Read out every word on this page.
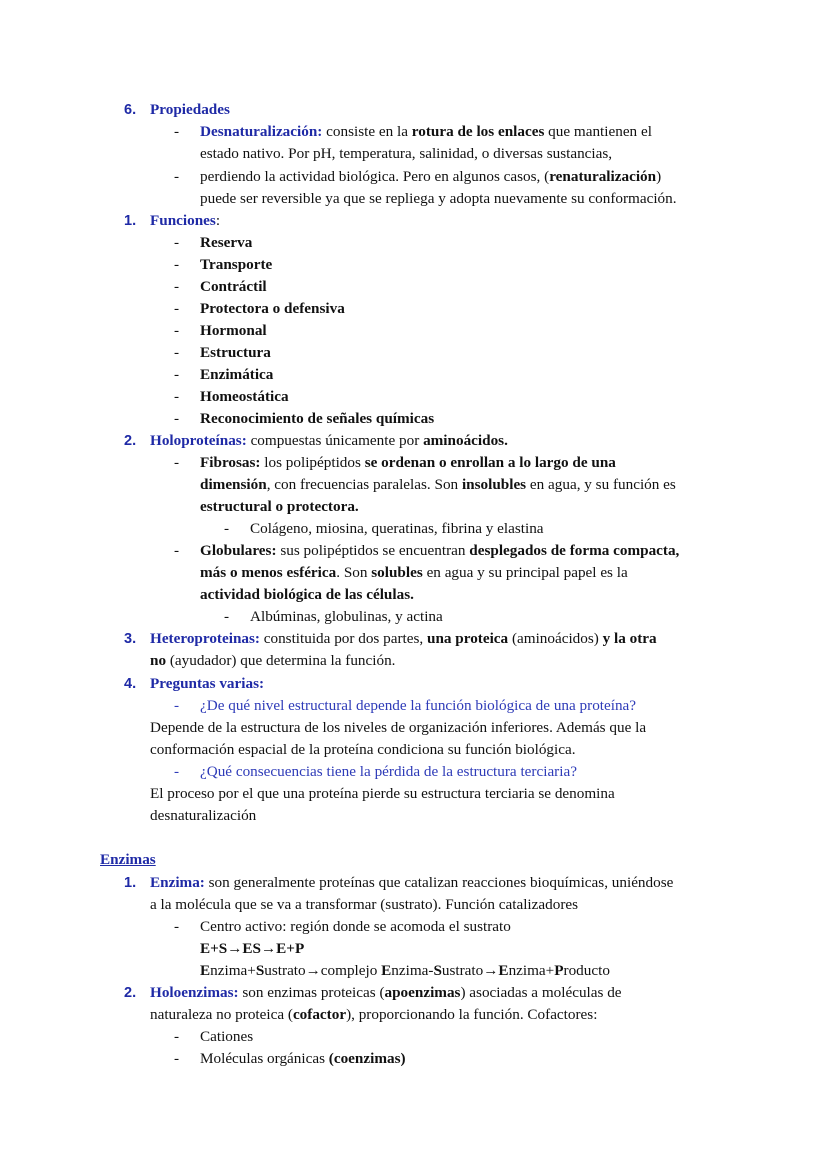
6. Propiedades
- Desnaturalización: consiste en la rotura de los enlaces que mantienen el
estado nativo. Por pH, temperatura, salinidad, o diversas sustancias,
- perdiendo la actividad biológica. Pero en algunos casos, (renaturalización)
puede ser reversible ya que se repliega y adopta nuevamente su conformación.
1. Funciones:
- Reserva
- Transporte
- Contráctil
- Protectora o defensiva
- Hormonal
- Estructura
- Enzimática
- Homeostática
- Reconocimiento de señales químicas
2. Holoproteínas: compuestas únicamente por aminoácidos.
- Fibrosas: los polipéptidos se ordenan o enrollan a lo largo de una
dimensión, con frecuencias paralelas. Son insolubles en agua, y su función es
estructural o protectora.
- Colágeno, miosina, queratinas, fibrina y elastina
- Globulares: sus polipéptidos se encuentran desplegados de forma compacta,
más o menos esférica. Son solubles en agua y su principal papel es la
actividad biológica de las células.
- Albúminas, globulinas, y actina
3. Heteroproteinas: constituida por dos partes, una proteica (aminoácidos) y la otra
no (ayudador) que determina la función.
4. Preguntas varias:
- ¿De qué nivel estructural depende la función biológica de una proteína?
Depende de la estructura de los niveles de organización inferiores. Además que la
conformación espacial de la proteína condiciona su función biológica.
- ¿Qué consecuencias tiene la pérdida de la estructura terciaria?
El proceso por el que una proteína pierde su estructura terciaria se denomina
desnaturalización
Enzimas
1. Enzima: son generalmente proteínas que catalizan reacciones bioquímicas, uniéndose
a la molécula que se va a transformar (sustrato). Función catalizadores
- Centro activo: región donde se acomoda el sustrato
E+S→ES→E+P
Enzima+Sustrato→complejo Enzima-Sustrato→Enzima+Producto
2. Holoenzimas: son enzimas proteicas (apoenzimas) asociadas a moléculas de
naturaleza no proteica (cofactor), proporcionando la función. Cofactores:
- Cationes
- Moléculas orgánicas (coenzimas)
